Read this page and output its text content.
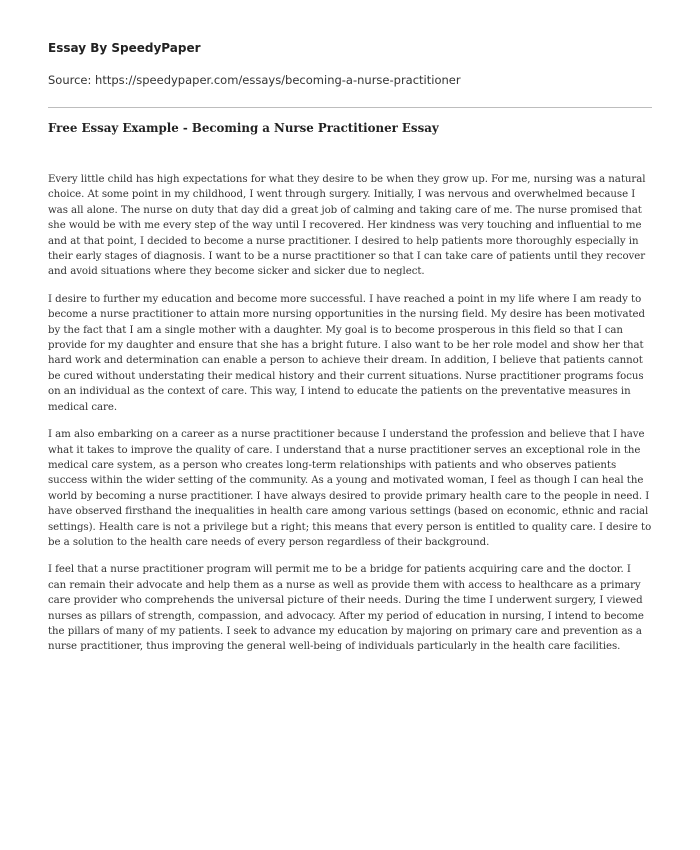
Essay By SpeedyPaper

Source: https://speedypaper.com/essays/becoming-a-nurse-practitioner
Free Essay Example - Becoming a Nurse Practitioner Essay

Every little child has high expectations for what they desire to be when they grow up. For me, nursing was a natural choice. At some point in my childhood, I went through surgery. Initially, I was nervous and overwhelmed because I was all alone. The nurse on duty that day did a great job of calming and taking care of me. The nurse promised that she would be with me every step of the way until I recovered. Her kindness was very touching and influential to me and at that point, I decided to become a nurse practitioner. I desired to help patients more thoroughly especially in their early stages of diagnosis. I want to be a nurse practitioner so that I can take care of patients until they recover and avoid situations where they become sicker and sicker due to neglect.

I desire to further my education and become more successful. I have reached a point in my life where I am ready to become a nurse practitioner to attain more nursing opportunities in the nursing field. My desire has been motivated by the fact that I am a single mother with a daughter. My goal is to become prosperous in this field so that I can provide for my daughter and ensure that she has a bright future. I also want to be her role model and show her that hard work and determination can enable a person to achieve their dream. In addition, I believe that patients cannot be cured without understating their medical history and their current situations. Nurse practitioner programs focus on an individual as the context of care. This way, I intend to educate the patients on the preventative measures in medical care.

I am also embarking on a career as a nurse practitioner because I understand the profession and believe that I have what it takes to improve the quality of care. I understand that a nurse practitioner serves an exceptional role in the medical care system, as a person who creates long-term relationships with patients and who observes patients success within the wider setting of the community. As a young and motivated woman, I feel as though I can heal the world by becoming a nurse practitioner. I have always desired to provide primary health care to the people in need. I have observed firsthand the inequalities in health care among various settings (based on economic, ethnic and racial settings). Health care is not a privilege but a right; this means that every person is entitled to quality care. I desire to be a solution to the health care needs of every person regardless of their background.

I feel that a nurse practitioner program will permit me to be a bridge for patients acquiring care and the doctor. I can remain their advocate and help them as a nurse as well as provide them with access to healthcare as a primary care provider who comprehends the universal picture of their needs. During the time I underwent surgery, I viewed nurses as pillars of strength, compassion, and advocacy. After my period of education in nursing, I intend to become the pillars of many of my patients. I seek to advance my education by majoring on primary care and prevention as a nurse practitioner, thus improving the general well-being of individuals particularly in the health care facilities.
